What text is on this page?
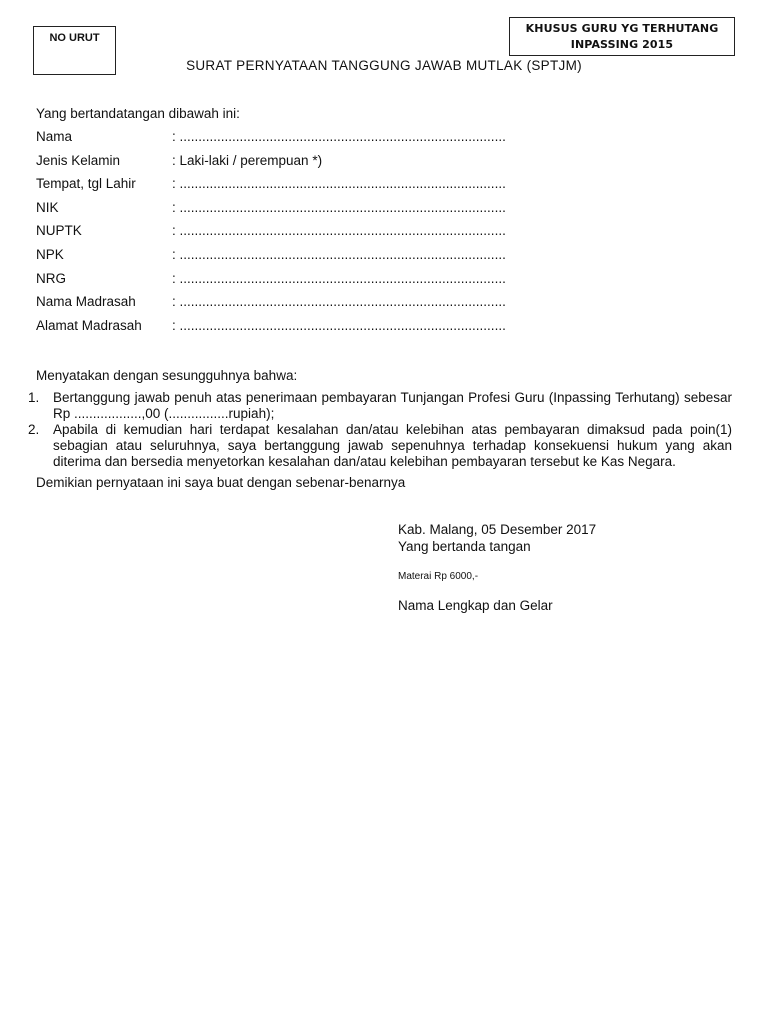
NO URUT
KHUSUS GURU YG TERHUTANG
INPASSING 2015
SURAT PERNYATAAN TANGGUNG JAWAB MUTLAK (SPTJM)
Yang bertandatangan dibawah ini:
Nama	: .......................................................................................
Jenis Kelamin	: Laki-laki / perempuan *)
Tempat, tgl Lahir	: .......................................................................................
NIK	: .......................................................................................
NUPTK	: .......................................................................................
NPK	: .......................................................................................
NRG	: .......................................................................................
Nama Madrasah	: .......................................................................................
Alamat Madrasah	: .......................................................................................
Menyatakan dengan sesungguhnya bahwa:
1.	Bertanggung jawab penuh atas penerimaan pembayaran Tunjangan Profesi Guru (Inpassing Terhutang) sebesar Rp ..................,00 (................rupiah);
2.	Apabila di kemudian hari terdapat kesalahan dan/atau kelebihan atas pembayaran dimaksud pada poin(1) sebagian atau seluruhnya, saya bertanggung jawab sepenuhnya terhadap konsekuensi hukum yang akan diterima dan bersedia menyetorkan kesalahan dan/atau kelebihan pembayaran tersebut ke Kas Negara.
Demikian pernyataan ini saya buat dengan sebenar-benarnya
Kab. Malang, 05 Desember 2017
Yang bertanda tangan
Materai Rp 6000,-
Nama Lengkap dan Gelar
